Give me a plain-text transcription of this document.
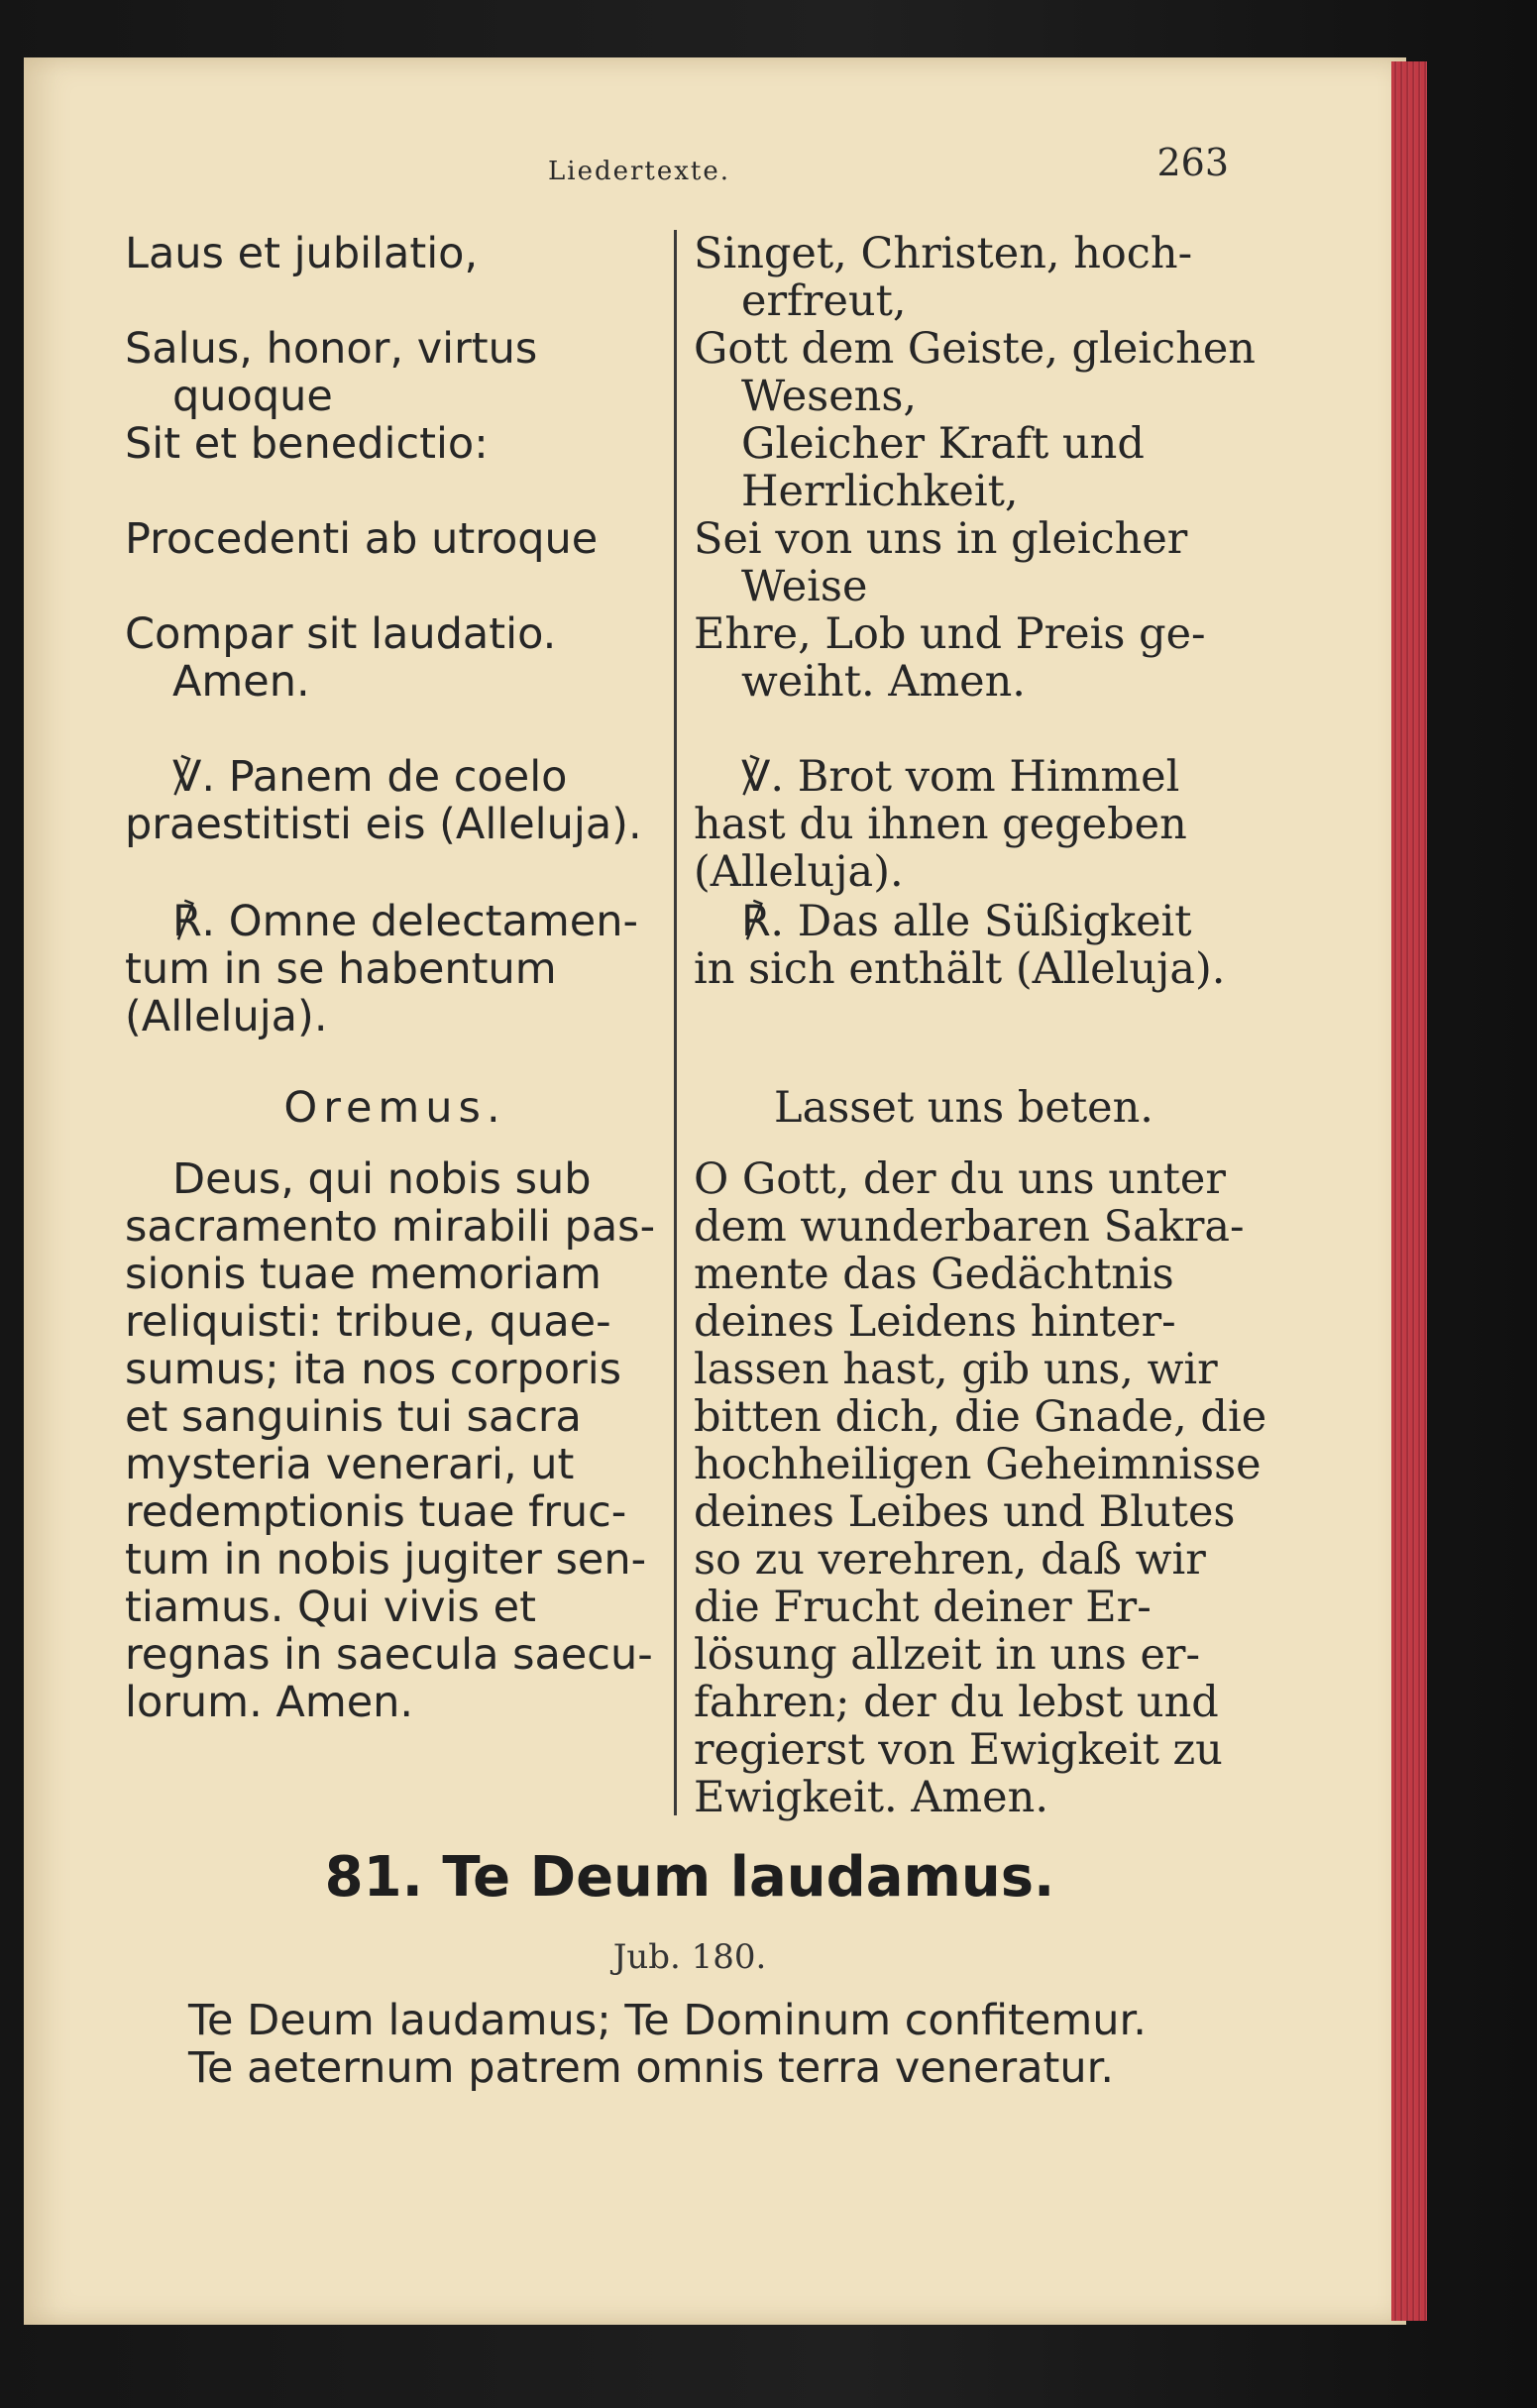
Liedertexte.	263
Laus et jubilatio,
Salus, honor, virtus
quoque
Sit et benedictio:
Procedenti ab utroque
Compar sit laudatio.
Amen.
℣. Panem de coelo
praestitisti eis (Alleluja).
℟. Omne delectamen-
tum in se habentum
(Alleluja).
Oremus.
Deus, qui nobis sub
sacramento mirabili pas-
sionis tuae memoriam
reliquisti: tribue, quae-
sumus; ita nos corporis
et sanguinis tui sacra
mysteria venerari, ut
redemptionis tuae fruc-
tum in nobis jugiter sen-
tiamus. Qui vivis et
regnas in saecula saecu-
lorum. Amen.
Singet, Christen, hoch-
erfreut,
Gott dem Geiste, gleichen
Wesens,
Gleicher Kraft und
Herrlichkeit,
Sei von uns in gleicher
Weise
Ehre, Lob und Preis ge-
weiht. Amen.
℣. Brot vom Himmel
hast du ihnen gegeben
(Alleluja).
℟. Das alle Süßigkeit
in sich enthält (Alleluja).
Lasset uns beten.
O Gott, der du uns unter
dem wunderbaren Sakra-
mente das Gedächtnis
deines Leidens hinter-
lassen hast, gib uns, wir
bitten dich, die Gnade, die
hochheiligen Geheimnisse
deines Leibes und Blutes
so zu verehren, daß wir
die Frucht deiner Er-
lösung allzeit in uns er-
fahren; der du lebst und
regierst von Ewigkeit zu
Ewigkeit. Amen.
81. Te Deum laudamus.
Jub. 180.
Te Deum laudamus; Te Dominum confitemur.
Te aeternum patrem omnis terra veneratur.
